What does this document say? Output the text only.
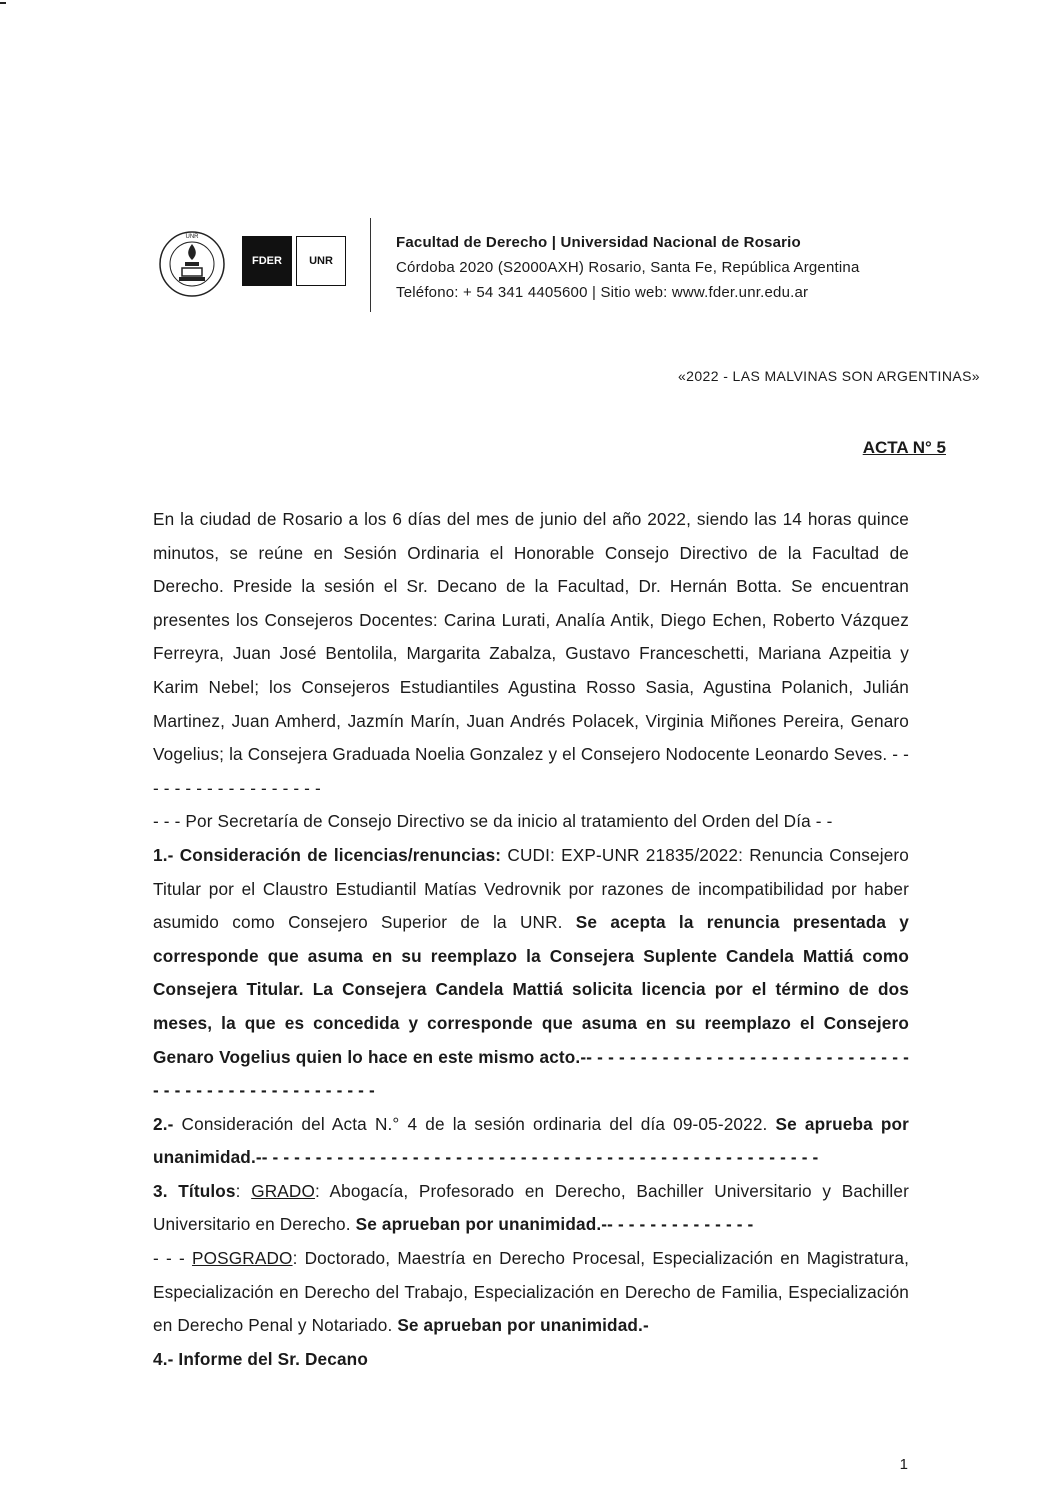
UNR
FDER	UNR
Facultad de Derecho | Universidad Nacional de Rosario
Córdoba 2020 (S2000AXH) Rosario, Santa Fe, República Argentina
Teléfono: + 54 341 4405600 | Sitio web: www.fder.unr.edu.ar
«2022 - LAS MALVINAS SON ARGENTINAS»
ACTA N° 5

En la ciudad de Rosario a los 6 días del mes de junio del año 2022, siendo las 14 horas quince minutos, se reúne en Sesión Ordinaria el Honorable Consejo Directivo de la Facultad de Derecho. Preside la sesión el Sr. Decano de la Facultad, Dr. Hernán Botta. Se encuentran presentes los Consejeros Docentes: Carina Lurati, Analía Antik, Diego Echen, Roberto Vázquez Ferreyra, Juan José Bentolila, Margarita Zabalza, Gustavo Franceschetti, Mariana Azpeitia y Karim Nebel; los Consejeros Estudiantiles Agustina Rosso Sasia, Agustina Polanich, Julián Martinez, Juan Amherd, Jazmín Marín, Juan Andrés Polacek, Virginia Miñones Pereira, Genaro Vogelius; la Consejera Graduada Noelia Gonzalez y el Consejero Nodocente Leonardo Seves. - - - - - - - - - - - - - - - - - -

- - - Por Secretaría de Consejo Directivo se da inicio al tratamiento del Orden del Día - -

1.- Consideración de licencias/renuncias: CUDI: EXP-UNR 21835/2022: Renuncia Consejero Titular por el Claustro Estudiantil Matías Vedrovnik por razones de incompatibilidad por haber asumido como Consejero Superior de la UNR. Se acepta la renuncia presentada y corresponde que asuma en su reemplazo la Consejera Suplente Candela Mattiá como Consejera Titular. La Consejera Candela Mattiá solicita licencia por el término de dos meses, la que es concedida y corresponde que asuma en su reemplazo el Consejero Genaro Vogelius quien lo hace en este mismo acto.-- - - - - - - - - - - - - - - - - - - - - - - - - - - - - - - - - - - - - - - - - - - - - - - - - - -

2.- Consideración del Acta N.° 4 de la sesión ordinaria del día 09-05-2022. Se aprueba por unanimidad.-- - - - - - - - - - - - - - - - - - - - - - - - - - - - - - - - - - - - - - - - - - - - - - - - - - - -

3. Títulos: GRADO: Abogacía, Profesorado en Derecho, Bachiller Universitario y Bachiller Universitario en Derecho. Se aprueban por unanimidad.-- - - - - - - - - - - - - -

- - - POSGRADO: Doctorado, Maestría en Derecho Procesal, Especialización en Magistratura, Especialización en Derecho del Trabajo, Especialización en Derecho de Familia, Especialización en Derecho Penal y Notariado. Se aprueban por unanimidad.-

4.- Informe del Sr. Decano

1
